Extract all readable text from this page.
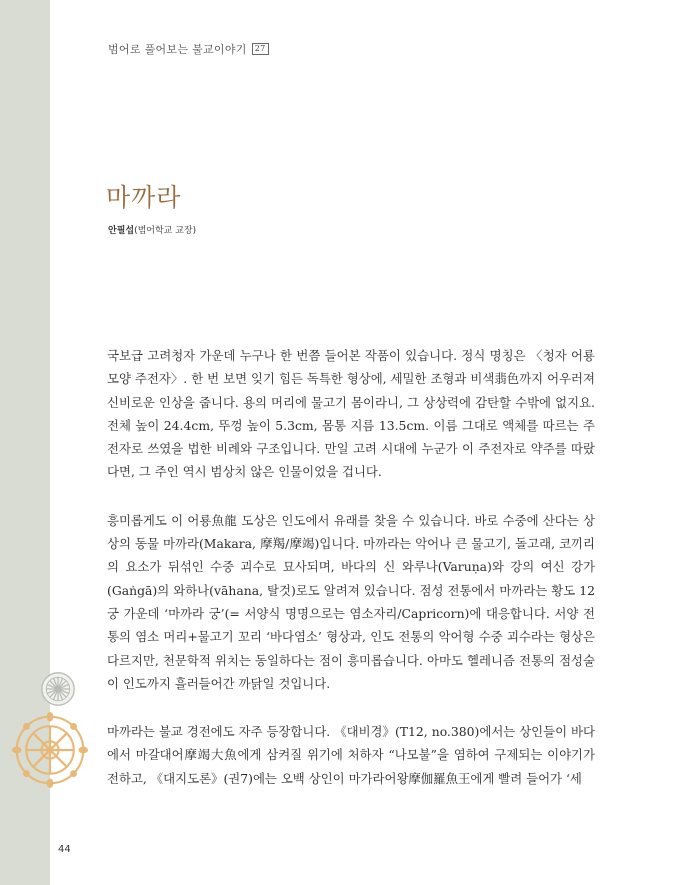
범어로 풀어보는 불교이야기	27
마까라
안필섭(범어학교 교장)

국보급 고려청자 가운데 누구나 한 번쯤 들어본 작품이 있습니다. 정식 명칭은 〈청자 어룡모양 주전자〉. 한 번 보면 잊기 힘든 독특한 형상에, 세밀한 조형과 비색翡色까지 어우러져 신비로운 인상을 줍니다. 용의 머리에 물고기 몸이라니, 그 상상력에 감탄할 수밖에 없지요. 전체 높이 24.4cm, 뚜껑 높이 5.3cm, 몸통 지름 13.5cm. 이름 그대로 액체를 따르는 주전자로 쓰였을 법한 비례와 구조입니다. 만일 고려 시대에 누군가 이 주전자로 약주를 따랐다면, 그 주인 역시 범상치 않은 인물이었을 겁니다.

흥미롭게도 이 어룡魚龍 도상은 인도에서 유래를 찾을 수 있습니다. 바로 수중에 산다는 상상의 동물 마까라(Makara, 摩羯/摩竭)입니다. 마까라는 악어나 큰 물고기, 돌고래, 코끼리의 요소가 뒤섞인 수중 괴수로 묘사되며, 바다의 신 와루나(Varuṇa)와 강의 여신 강가(Gaṅgā)의 와하나(vāhana, 탈것)로도 알려져 있습니다. 점성 전통에서 마까라는 황도 12궁 가운데 ‘마까라 궁’(= 서양식 명명으로는 염소자리/Capricorn)에 대응합니다. 서양 전통의 염소 머리+물고기 꼬리 ‘바다염소’ 형상과, 인도 전통의 악어형 수중 괴수라는 형상은 다르지만, 천문학적 위치는 동일하다는 점이 흥미롭습니다. 아마도 헬레니즘 전통의 점성술이 인도까지 흘러들어간 까닭일 것입니다.

마까라는 불교 경전에도 자주 등장합니다. 《대비경》(T12, no.380)에서는 상인들이 바다에서 마갈대어摩竭大魚에게 삼켜질 위기에 처하자 “나모불”을 염하여 구제되는 이야기가 전하고, 《대지도론》(권7)에는 오백 상인이 마가라어왕摩伽羅魚王에게 빨려 들어가 ‘세

44
